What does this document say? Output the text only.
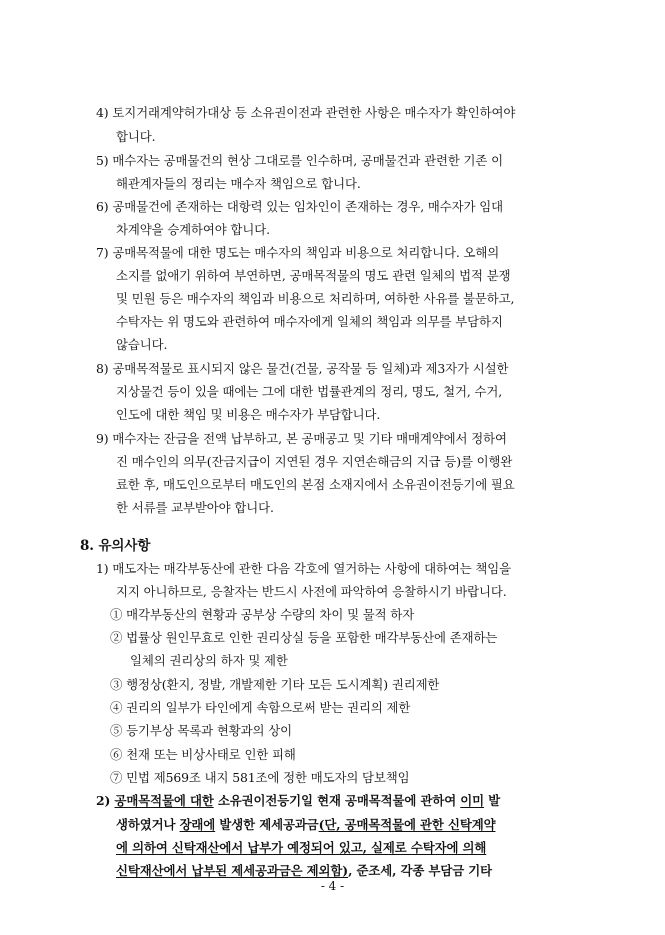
4) 토지거래계약허가대상 등 소유권이전과 관련한 사항은 매수자가 확인하여야
합니다.
5) 매수자는 공매물건의 현상 그대로를 인수하며, 공매물건과 관련한 기존 이
해관계자들의 정리는 매수자 책임으로 합니다.
6) 공매물건에 존재하는 대항력 있는 임차인이 존재하는 경우, 매수자가 임대
차계약을 승계하여야 합니다.
7) 공매목적물에 대한 명도는 매수자의 책임과 비용으로 처리합니다. 오해의
소지를 없애기 위하여 부연하면, 공매목적물의 명도 관련 일체의 법적 분쟁
및 민원 등은 매수자의 책임과 비용으로 처리하며, 여하한 사유를 불문하고,
수탁자는 위 명도와 관련하여 매수자에게 일체의 책임과 의무를 부담하지
않습니다.
8) 공매목적물로 표시되지 않은 물건(건물, 공작물 등 일체)과 제3자가 시설한
지상물건 등이 있을 때에는 그에 대한 법률관계의 정리, 명도, 철거, 수거,
인도에 대한 책임 및 비용은 매수자가 부담합니다.
9) 매수자는 잔금을 전액 납부하고, 본 공매공고 및 기타 매매계약에서 정하여
진 매수인의 의무(잔금지급이 지연된 경우 지연손해금의 지급 등)를 이행완
료한 후, 매도인으로부터 매도인의 본점 소재지에서 소유권이전등기에 필요
한 서류를 교부받아야 합니다.
8. 유의사항
1) 매도자는 매각부동산에 관한 다음 각호에 열거하는 사항에 대하여는 책임을
지지 아니하므로, 응찰자는 반드시 사전에 파악하여 응찰하시기 바랍니다.
① 매각부동산의 현황과 공부상 수량의 차이 및 물적 하자
② 법률상 원인무효로 인한 권리상실 등을 포함한 매각부동산에 존재하는
일체의 권리상의 하자 및 제한
③ 행정상(환지, 정발, 개발제한 기타 모든 도시계획) 권리제한
④ 권리의 일부가 타인에게 속함으로써 받는 권리의 제한
⑤ 등기부상 목록과 현황과의 상이
⑥ 천재 또는 비상사태로 인한 피해
⑦ 민법 제569조 내지 581조에 정한 매도자의 담보책임
2) 공매목적물에 대한 소유권이전등기일 현재 공매목적물에 관하여 이미 발
생하였거나 장래에 발생한 제세공과금(단, 공매목적물에 관한 신탁계약
에 의하여 신탁재산에서 납부가 예정되어 있고, 실제로 수탁자에 의해
신탁재산에서 납부된 제세공과금은 제외함), 준조세, 각종 부담금 기타
- 4 -
